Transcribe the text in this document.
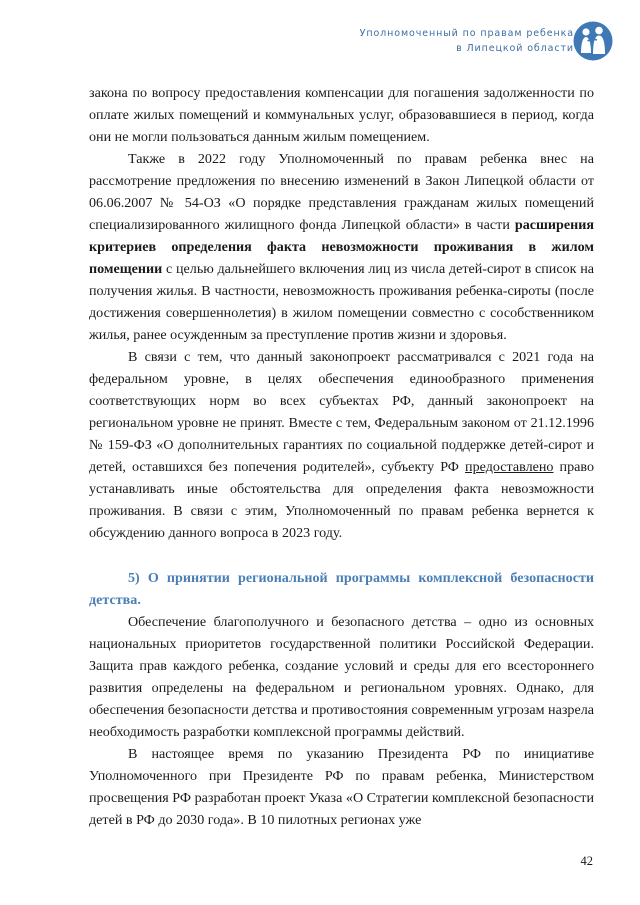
Уполномоченный по правам ребенка
в Липецкой области

закона по вопросу предоставления компенсации для погашения задолженности по оплате жилых помещений и коммунальных услуг, образовавшиеся в период, когда они не могли пользоваться данным жилым помещением.

Также в 2022 году Уполномоченный по правам ребенка внес на рассмотрение предложения по внесению изменений в Закон Липецкой области от 06.06.2007 № 54-ОЗ «О порядке представления гражданам жилых помещений специализированного жилищного фонда Липецкой области» в части расширения критериев определения факта невозможности проживания в жилом помещении с целью дальнейшего включения лиц из числа детей-сирот в список на получения жилья. В частности, невозможность проживания ребенка-сироты (после достижения совершеннолетия) в жилом помещении совместно с сособственником жилья, ранее осужденным за преступление против жизни и здоровья.

В связи с тем, что данный законопроект рассматривался с 2021 года на федеральном уровне, в целях обеспечения единообразного применения соответствующих норм во всех субъектах РФ, данный законопроект на региональном уровне не принят. Вместе с тем, Федеральным законом от 21.12.1996 № 159-ФЗ «О дополнительных гарантиях по социальной поддержке детей-сирот и детей, оставшихся без попечения родителей», субъекту РФ предоставлено право устанавливать иные обстоятельства для определения факта невозможности проживания. В связи с этим, Уполномоченный по правам ребенка вернется к обсуждению данного вопроса в 2023 году.

5) О принятии региональной программы комплексной безопасности детства.

Обеспечение благополучного и безопасного детства – одно из основных национальных приоритетов государственной политики Российской Федерации. Защита прав каждого ребенка, создание условий и среды для его всестороннего развития определены на федеральном и региональном уровнях. Однако, для обеспечения безопасности детства и противостояния современным угрозам назрела необходимость разработки комплексной программы действий.

В настоящее время по указанию Президента РФ по инициативе Уполномоченного при Президенте РФ по правам ребенка, Министерством просвещения РФ разработан проект Указа «О Стратегии комплексной безопасности детей в РФ до 2030 года». В 10 пилотных регионах уже

42
